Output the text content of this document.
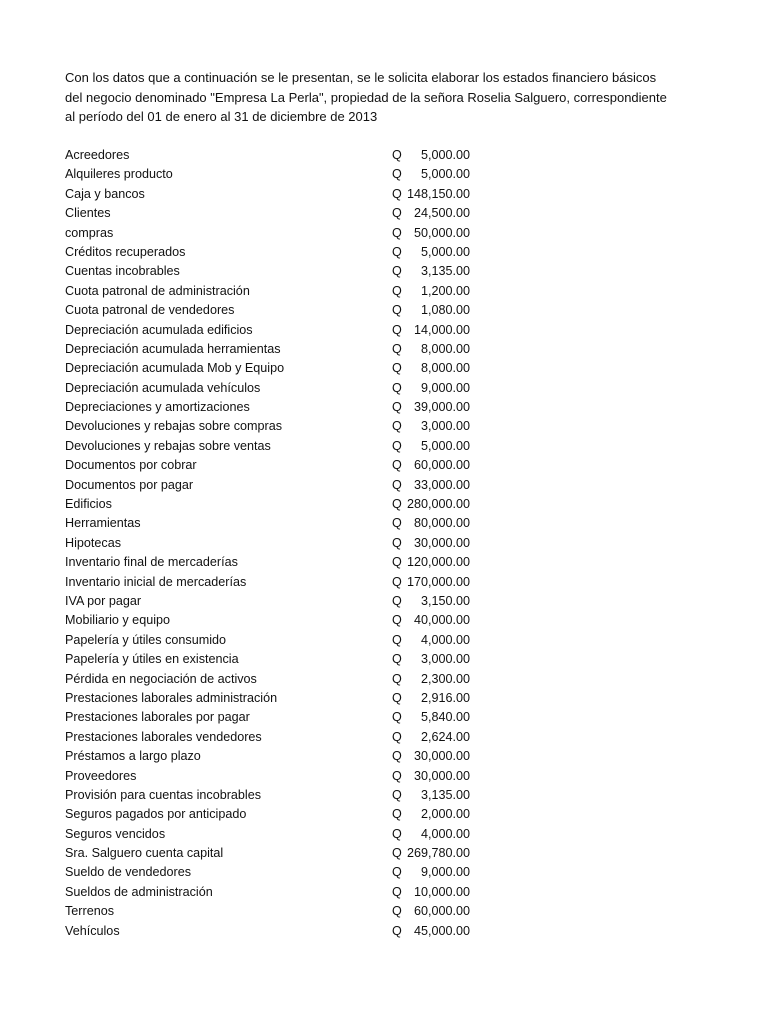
Con los datos que a continuación se le presentan, se le solicita elaborar los estados financiero básicos
del negocio denominado "Empresa La Perla", propiedad de la señora Roselia Salguero, correspondiente
al período del 01 de enero al 31 de diciembre de 2013
Acreedores	Q 5,000.00
Alquileres producto	Q 5,000.00
Caja y bancos	Q 148,150.00
Clientes	Q 24,500.00
compras	Q 50,000.00
Créditos recuperados	Q 5,000.00
Cuentas incobrables	Q 3,135.00
Cuota patronal de administración	Q 1,200.00
Cuota patronal de vendedores	Q 1,080.00
Depreciación acumulada edificios	Q 14,000.00
Depreciación acumulada herramientas	Q 8,000.00
Depreciación acumulada Mob y Equipo	Q 8,000.00
Depreciación acumulada vehículos	Q 9,000.00
Depreciaciones y amortizaciones	Q 39,000.00
Devoluciones y rebajas sobre compras	Q 3,000.00
Devoluciones y rebajas sobre ventas	Q 5,000.00
Documentos por cobrar	Q 60,000.00
Documentos por pagar	Q 33,000.00
Edificios	Q 280,000.00
Herramientas	Q 80,000.00
Hipotecas	Q 30,000.00
Inventario final de mercaderías	Q 120,000.00
Inventario inicial de mercaderías	Q 170,000.00
IVA por pagar	Q 3,150.00
Mobiliario y equipo	Q 40,000.00
Papelería y útiles consumido	Q 4,000.00
Papelería y útiles en existencia	Q 3,000.00
Pérdida en negociación de activos	Q 2,300.00
Prestaciones laborales administración	Q 2,916.00
Prestaciones laborales por pagar	Q 5,840.00
Prestaciones laborales vendedores	Q 2,624.00
Préstamos a largo plazo	Q 30,000.00
Proveedores	Q 30,000.00
Provisión para cuentas incobrables	Q 3,135.00
Seguros pagados por anticipado	Q 2,000.00
Seguros vencidos	Q 4,000.00
Sra. Salguero cuenta capital	Q 269,780.00
Sueldo de vendedores	Q 9,000.00
Sueldos de administración	Q 10,000.00
Terrenos	Q 60,000.00
Vehículos	Q 45,000.00
